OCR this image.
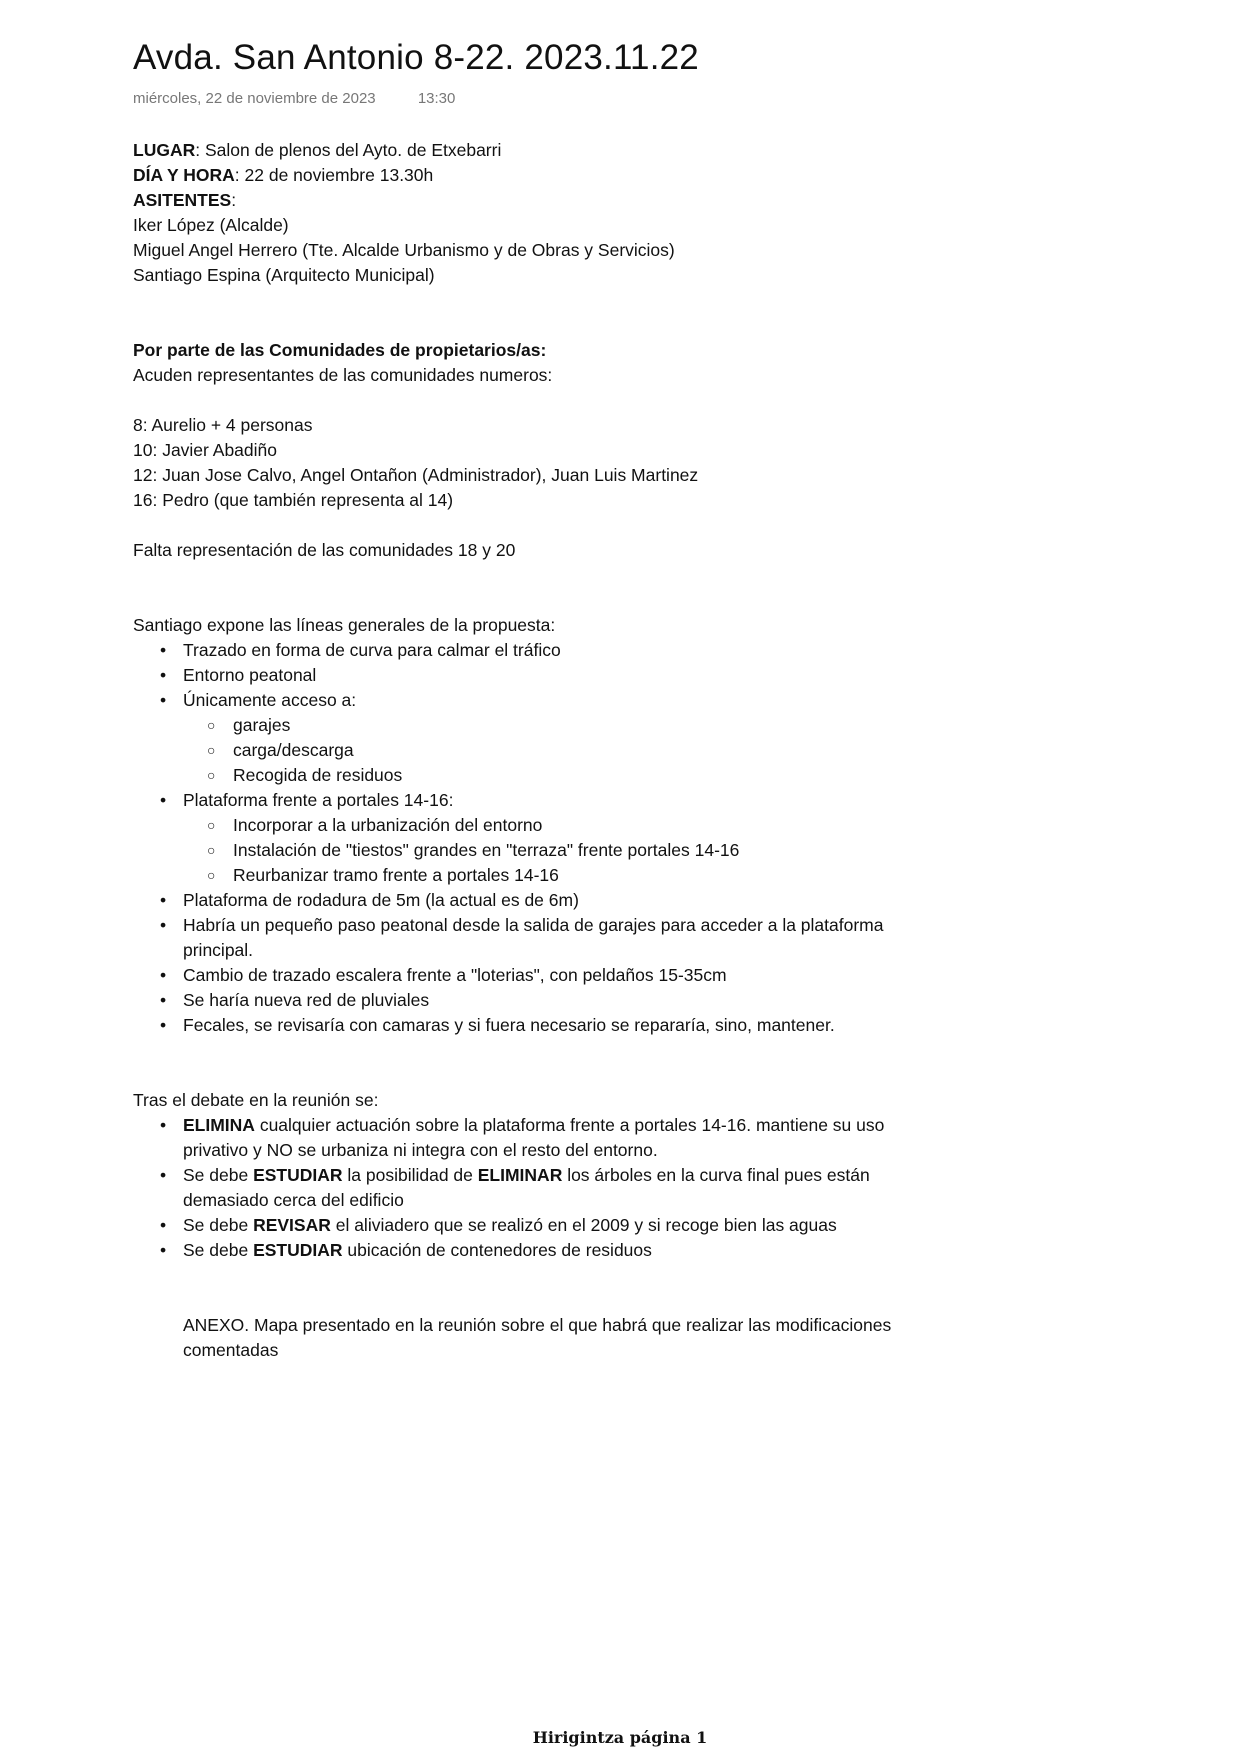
Avda. San Antonio 8-22. 2023.11.22
miércoles, 22 de noviembre de 2023	13:30
LUGAR: Salon de plenos del Ayto. de Etxebarri
DÍA Y HORA: 22 de noviembre 13.30h
ASITENTES:
Iker López (Alcalde)
Miguel Angel Herrero (Tte. Alcalde Urbanismo y de Obras y Servicios)
Santiago Espina (Arquitecto Municipal)
Por parte de las Comunidades de propietarios/as:
Acuden representantes de las comunidades numeros:
8: Aurelio + 4 personas
10: Javier Abadiño
12: Juan Jose Calvo, Angel Ontañon (Administrador), Juan Luis Martinez
16: Pedro (que también representa al 14)
Falta representación de las comunidades 18 y 20
Santiago expone las líneas generales de la propuesta:
• Trazado en forma de curva para calmar el tráfico
• Entorno peatonal
• Únicamente acceso a:
○ garajes
○ carga/descarga
○ Recogida de residuos
• Plataforma frente a portales 14-16:
○ Incorporar a la urbanización del entorno
○ Instalación de "tiestos" grandes en "terraza" frente portales 14-16
○ Reurbanizar tramo frente a portales 14-16
• Plataforma de rodadura de 5m (la actual es de 6m)
• Habría un pequeño paso peatonal desde la salida de garajes para acceder a la plataforma principal.
• Cambio de trazado escalera frente a "loterias", con peldaños 15-35cm
• Se haría nueva red de pluviales
• Fecales, se revisaría con camaras y si fuera necesario se repararía, sino, mantener.
Tras el debate en la reunión se:
• ELIMINA cualquier actuación sobre la plataforma frente a portales 14-16. mantiene su uso privativo y NO se urbaniza ni integra con el resto del entorno.
• Se debe ESTUDIAR la posibilidad de ELIMINAR los árboles en la curva final pues están demasiado cerca del edificio
• Se debe REVISAR el aliviadero que se realizó en el 2009 y si recoge bien las aguas
• Se debe ESTUDIAR ubicación de contenedores de residuos
ANEXO. Mapa presentado en la reunión sobre el que habrá que realizar las modificaciones comentadas
Hirigintza página 1
